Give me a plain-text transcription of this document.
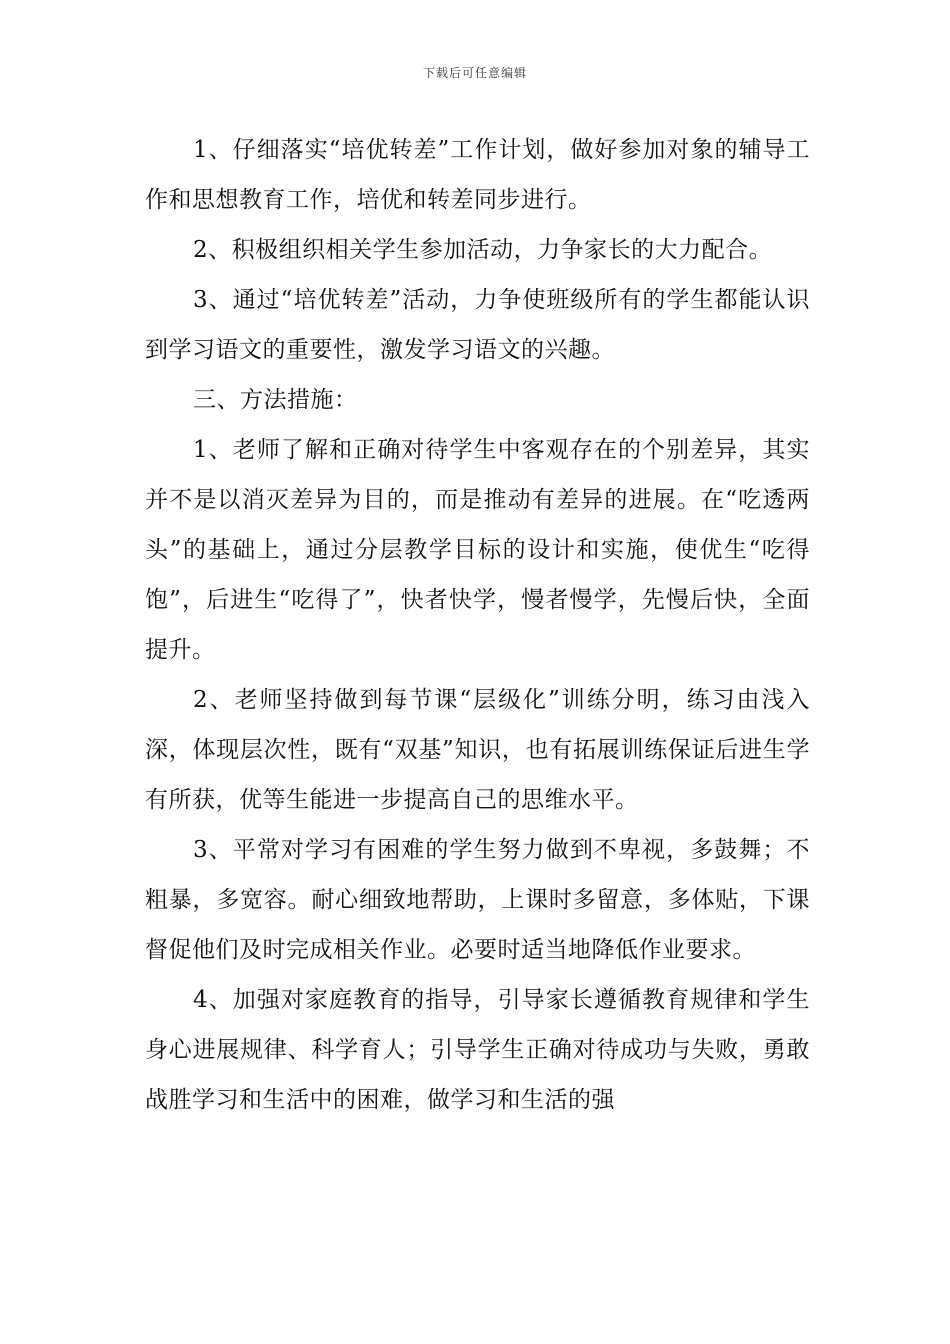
下载后可任意编辑

1、仔细落实“培优转差”工作计划，做好参加对象的辅导工作和思想教育工作，培优和转差同步进行。

2、积极组织相关学生参加活动，力争家长的大力配合。

3、通过“培优转差”活动，力争使班级所有的学生都能认识到学习语文的重要性，激发学习语文的兴趣。

三、方法措施：

1、老师了解和正确对待学生中客观存在的个别差异，其实并不是以消灭差异为目的，而是推动有差异的进展。在“吃透两头”的基础上，通过分层教学目标的设计和实施，使优生“吃得饱”，后进生“吃得了”，快者快学，慢者慢学，先慢后快，全面提升。

2、老师坚持做到每节课“层级化”训练分明，练习由浅入深，体现层次性，既有“双基”知识，也有拓展训练保证后进生学有所获，优等生能进一步提高自己的思维水平。

3、平常对学习有困难的学生努力做到不卑视，多鼓舞；不粗暴，多宽容。耐心细致地帮助，上课时多留意，多体贴，下课督促他们及时完成相关作业。必要时适当地降低作业要求。

4、加强对家庭教育的指导，引导家长遵循教育规律和学生身心进展规律、科学育人；引导学生正确对待成功与失败，勇敢战胜学习和生活中的困难，做学习和生活的强
